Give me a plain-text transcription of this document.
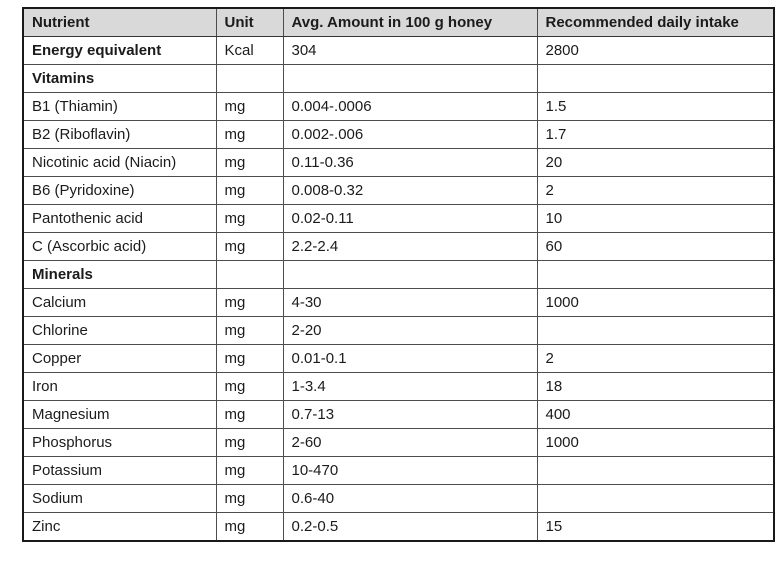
Nutrient	Unit	Avg. Amount in 100 g honey	Recommended daily intake
Energy equivalent	Kcal	304	2800
Vitamins			
B1 (Thiamin)	mg	0.004-.0006	1.5
B2 (Riboflavin)	mg	0.002-.006	1.7
Nicotinic acid (Niacin)	mg	0.11-0.36	20
B6 (Pyridoxine)	mg	0.008-0.32	2
Pantothenic acid	mg	0.02-0.11	10
C (Ascorbic acid)	mg	2.2-2.4	60
Minerals			
Calcium	mg	4-30	1000
Chlorine	mg	2-20	
Copper	mg	0.01-0.1	2
Iron	mg	1-3.4	18
Magnesium	mg	0.7-13	400
Phosphorus	mg	2-60	1000
Potassium	mg	10-470	
Sodium	mg	0.6-40	
Zinc	mg	0.2-0.5	15
